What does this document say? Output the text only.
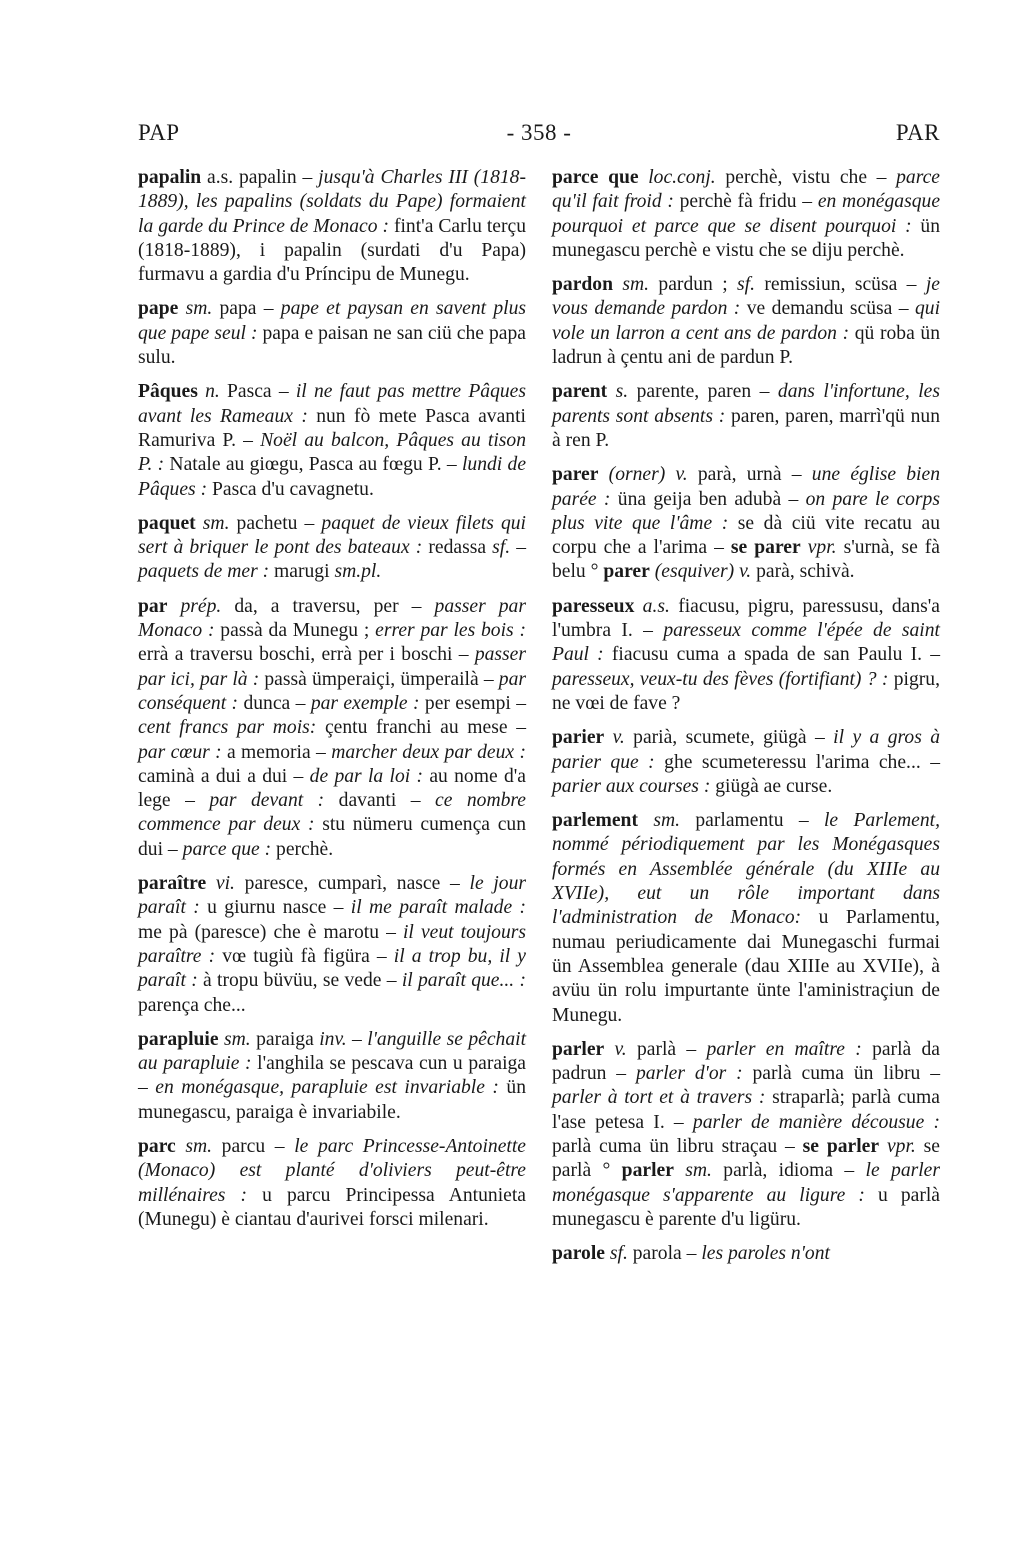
PAP	- 358 -	PAR

papalin a.s. papalin – jusqu'à Charles III (1818-1889), les papalins (soldats du Pape) formaient la garde du Prince de Monaco : fint'a Carlu terçu (1818-1889), i papalin (surdati d'u Papa) furmavu a gardia d'u Príncipu de Munegu.

pape sm. papa – pape et paysan en savent plus que pape seul : papa e paisan ne san ciü che papa sulu.

Pâques n. Pasca – il ne faut pas mettre Pâques avant les Rameaux : nun fò mete Pasca avanti Ramuriva P. – Noël au balcon, Pâques au tison P. : Natale au giœgu, Pasca au fœgu P. – lundi de Pâques : Pasca d'u cavagnetu.

paquet sm. pachetu – paquet de vieux filets qui sert à briquer le pont des bateaux : redassa sf. – paquets de mer : marugi sm.pl.

par prép. da, a traversu, per – passer par Monaco : passà da Munegu ; errer par les bois : errà a traversu boschi, errà per i boschi – passer par ici, par là : passà ümperaiçi, ümperailà – par conséquent : dunca – par exemple : per esempi – cent francs par mois: çentu franchi au mese – par cœur : a memoria – marcher deux par deux : caminà a dui a dui – de par la loi : au nome d'a lege – par devant : davanti – ce nombre commence par deux : stu nümeru cumença cun dui – parce que : perchè.

paraître vi. paresce, cumparì, nasce – le jour paraît : u giurnu nasce – il me paraît malade : me pà (paresce) che è marotu – il veut toujours paraître : vœ tugiù fà figüra – il a trop bu, il y paraît : à tropu büvüu, se vede – il paraît que... : parença che...

parapluie sm. paraiga inv. – l'anguille se pêchait au parapluie : l'anghila se pescava cun u paraiga – en monégasque, parapluie est invariable : ün munegascu, paraiga è invariabile.

parc sm. parcu – le parc Princesse-Antoinette (Monaco) est planté d'oliviers peut-être millénaires : u parcu Principessa Antunieta (Munegu) è ciantau d'aurivei forsci milenari.

parce que loc.conj. perchè, vistu che – parce qu'il fait froid : perchè fà fridu – en monégasque pourquoi et parce que se disent pourquoi : ün munegascu perchè e vistu che se diju perchè.

pardon sm. pardun ; sf. remissiun, scüsa – je vous demande pardon : ve demandu scüsa – qui vole un larron a cent ans de pardon : qü roba ün ladrun à çentu ani de pardun P.

parent s. parente, paren – dans l'infortune, les parents sont absents : paren, paren, marrì'qü nun à ren P.

parer (orner) v. parà, urnà – une église bien parée : üna geija ben adubà – on pare le corps plus vite que l'âme : se dà ciü vite recatu au corpu che a l'arima – se parer vpr. s'urnà, se fà belu ° parer (esquiver) v. parà, schivà.

paresseux a.s. fiacusu, pigru, paressusu, dans'a l'umbra I. – paresseux comme l'épée de saint Paul : fiacusu cuma a spada de san Paulu I. – paresseux, veux-tu des fèves (fortifiant) ? : pigru, ne vœi de fave ?

parier v. parià, scumete, giügà – il y a gros à parier que : ghe scumeteressu l'arima che... – parier aux courses : giügà ae curse.

parlement sm. parlamentu – le Parlement, nommé périodiquement par les Monégasques formés en Assemblée générale (du XIIIe au XVIIe), eut un rôle important dans l'administration de Monaco: u Parlamentu, numau periudicamente dai Munegaschi furmai ün Assemblea generale (dau XIIIe au XVIIe), à avüu ün rolu impurtante ünte l'aministraçiun de Munegu.

parler v. parlà – parler en maître : parlà da padrun – parler d'or : parlà cuma ün libru – parler à tort et à travers : straparlà; parlà cuma l'ase petesa I. – parler de manière décousue : parlà cuma ün libru straçau – se parler vpr. se parlà ° parler sm. parlà, idioma – le parler monégasque s'apparente au ligure : u parlà munegascu è parente d'u ligüru.

parole sf. parola – les paroles n'ont
